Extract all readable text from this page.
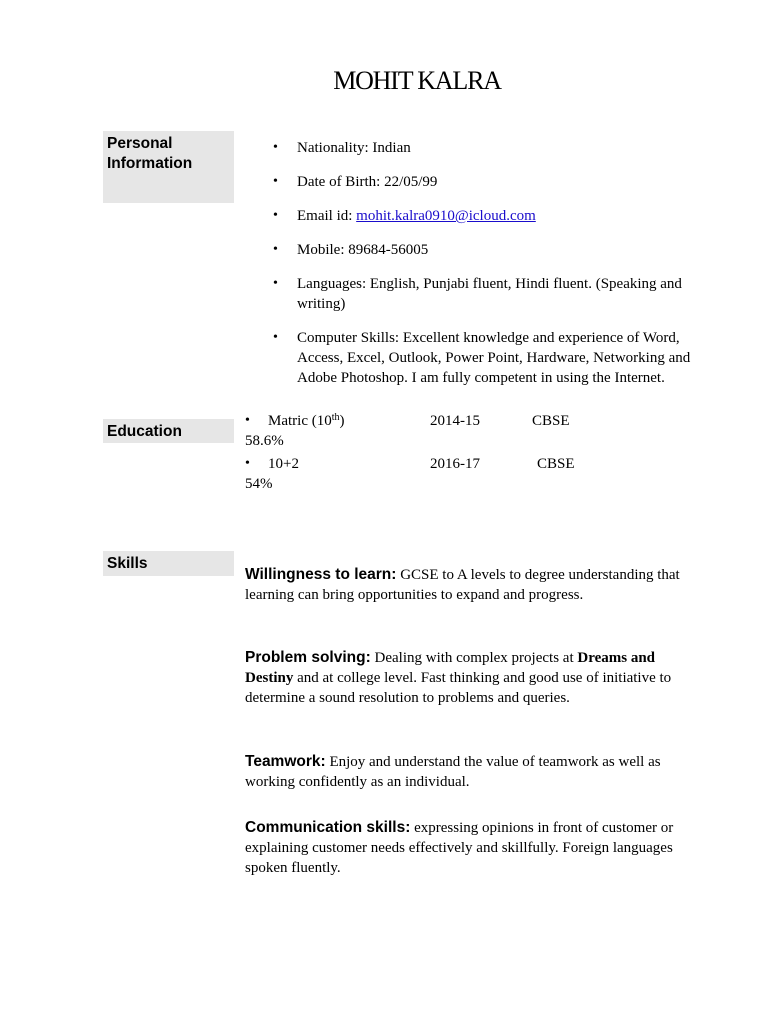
MOHIT KALRA
Personal
Information
• Nationality: Indian
• Date of Birth: 22/05/99
• Email id: mohit.kalra0910@icloud.com
• Mobile: 89684-56005
• Languages: English, Punjabi fluent, Hindi fluent. (Speaking and writing)
• Computer Skills: Excellent knowledge and experience of Word, Access, Excel, Outlook, Power Point, Hardware, Networking and Adobe Photoshop. I am fully competent in using the Internet.
Education
• Matric (10th)	2014-15	CBSE
58.6%
• 10+2	2016-17	CBSE
54%
Skills

Willingness to learn: GCSE to A levels to degree understanding that learning can bring opportunities to expand and progress.

Problem solving: Dealing with complex projects at Dreams and Destiny and at college level. Fast thinking and good use of initiative to determine a sound resolution to problems and queries.

Teamwork: Enjoy and understand the value of teamwork as well as working confidently as an individual.

Communication skills: expressing opinions in front of customer or explaining customer needs effectively and skillfully. Foreign languages spoken fluently.
